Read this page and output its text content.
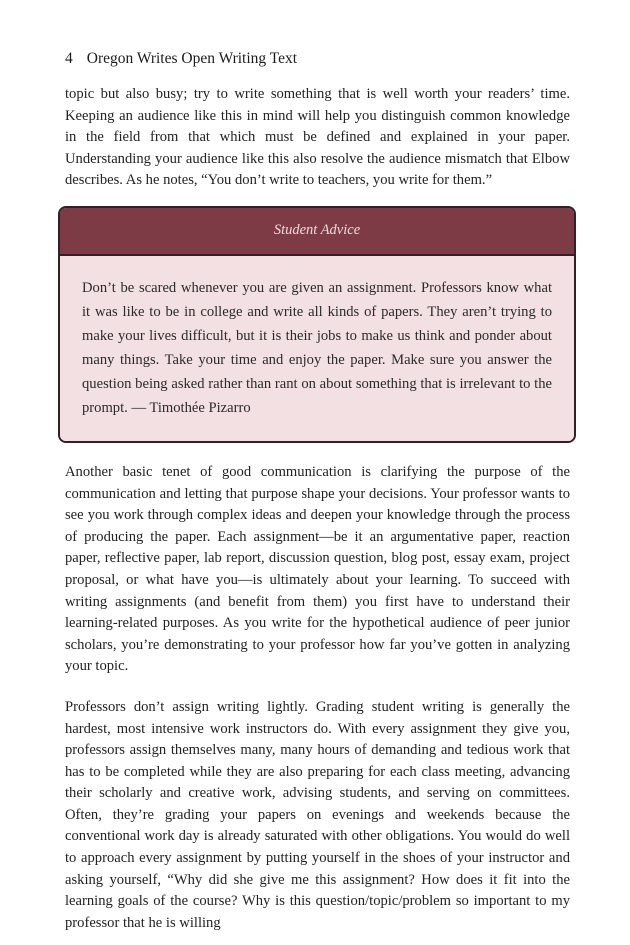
4 Oregon Writes Open Writing Text

topic but also busy; try to write something that is well worth your readers’ time. Keeping an audience like this in mind will help you distinguish common knowledge in the field from that which must be defined and explained in your paper. Understanding your audience like this also resolve the audience mismatch that Elbow describes. As he notes, “You don’t write to teachers, you write for them.”

Student Advice
Don’t be scared whenever you are given an assignment. Professors know what it was like to be in college and write all kinds of papers. They aren’t trying to make your lives difficult, but it is their jobs to make us think and ponder about many things. Take your time and enjoy the paper. Make sure you answer the question being asked rather than rant on about something that is irrelevant to the prompt. — Timothée Pizarro

Another basic tenet of good communication is clarifying the purpose of the communication and letting that purpose shape your decisions. Your professor wants to see you work through complex ideas and deepen your knowledge through the process of producing the paper. Each assignment—be it an argumentative paper, reaction paper, reflective paper, lab report, discussion question, blog post, essay exam, project proposal, or what have you—is ultimately about your learning. To succeed with writing assignments (and benefit from them) you first have to understand their learning-related purposes. As you write for the hypothetical audience of peer junior scholars, you’re demonstrating to your professor how far you’ve gotten in analyzing your topic.

Professors don’t assign writing lightly. Grading student writing is generally the hardest, most intensive work instructors do. With every assignment they give you, professors assign themselves many, many hours of demanding and tedious work that has to be completed while they are also preparing for each class meeting, advancing their scholarly and creative work, advising students, and serving on committees. Often, they’re grading your papers on evenings and weekends because the conventional work day is already saturated with other obligations. You would do well to approach every assignment by putting yourself in the shoes of your instructor and asking yourself, “Why did she give me this assignment? How does it fit into the learning goals of the course? Why is this question/topic/problem so important to my professor that he is willing
